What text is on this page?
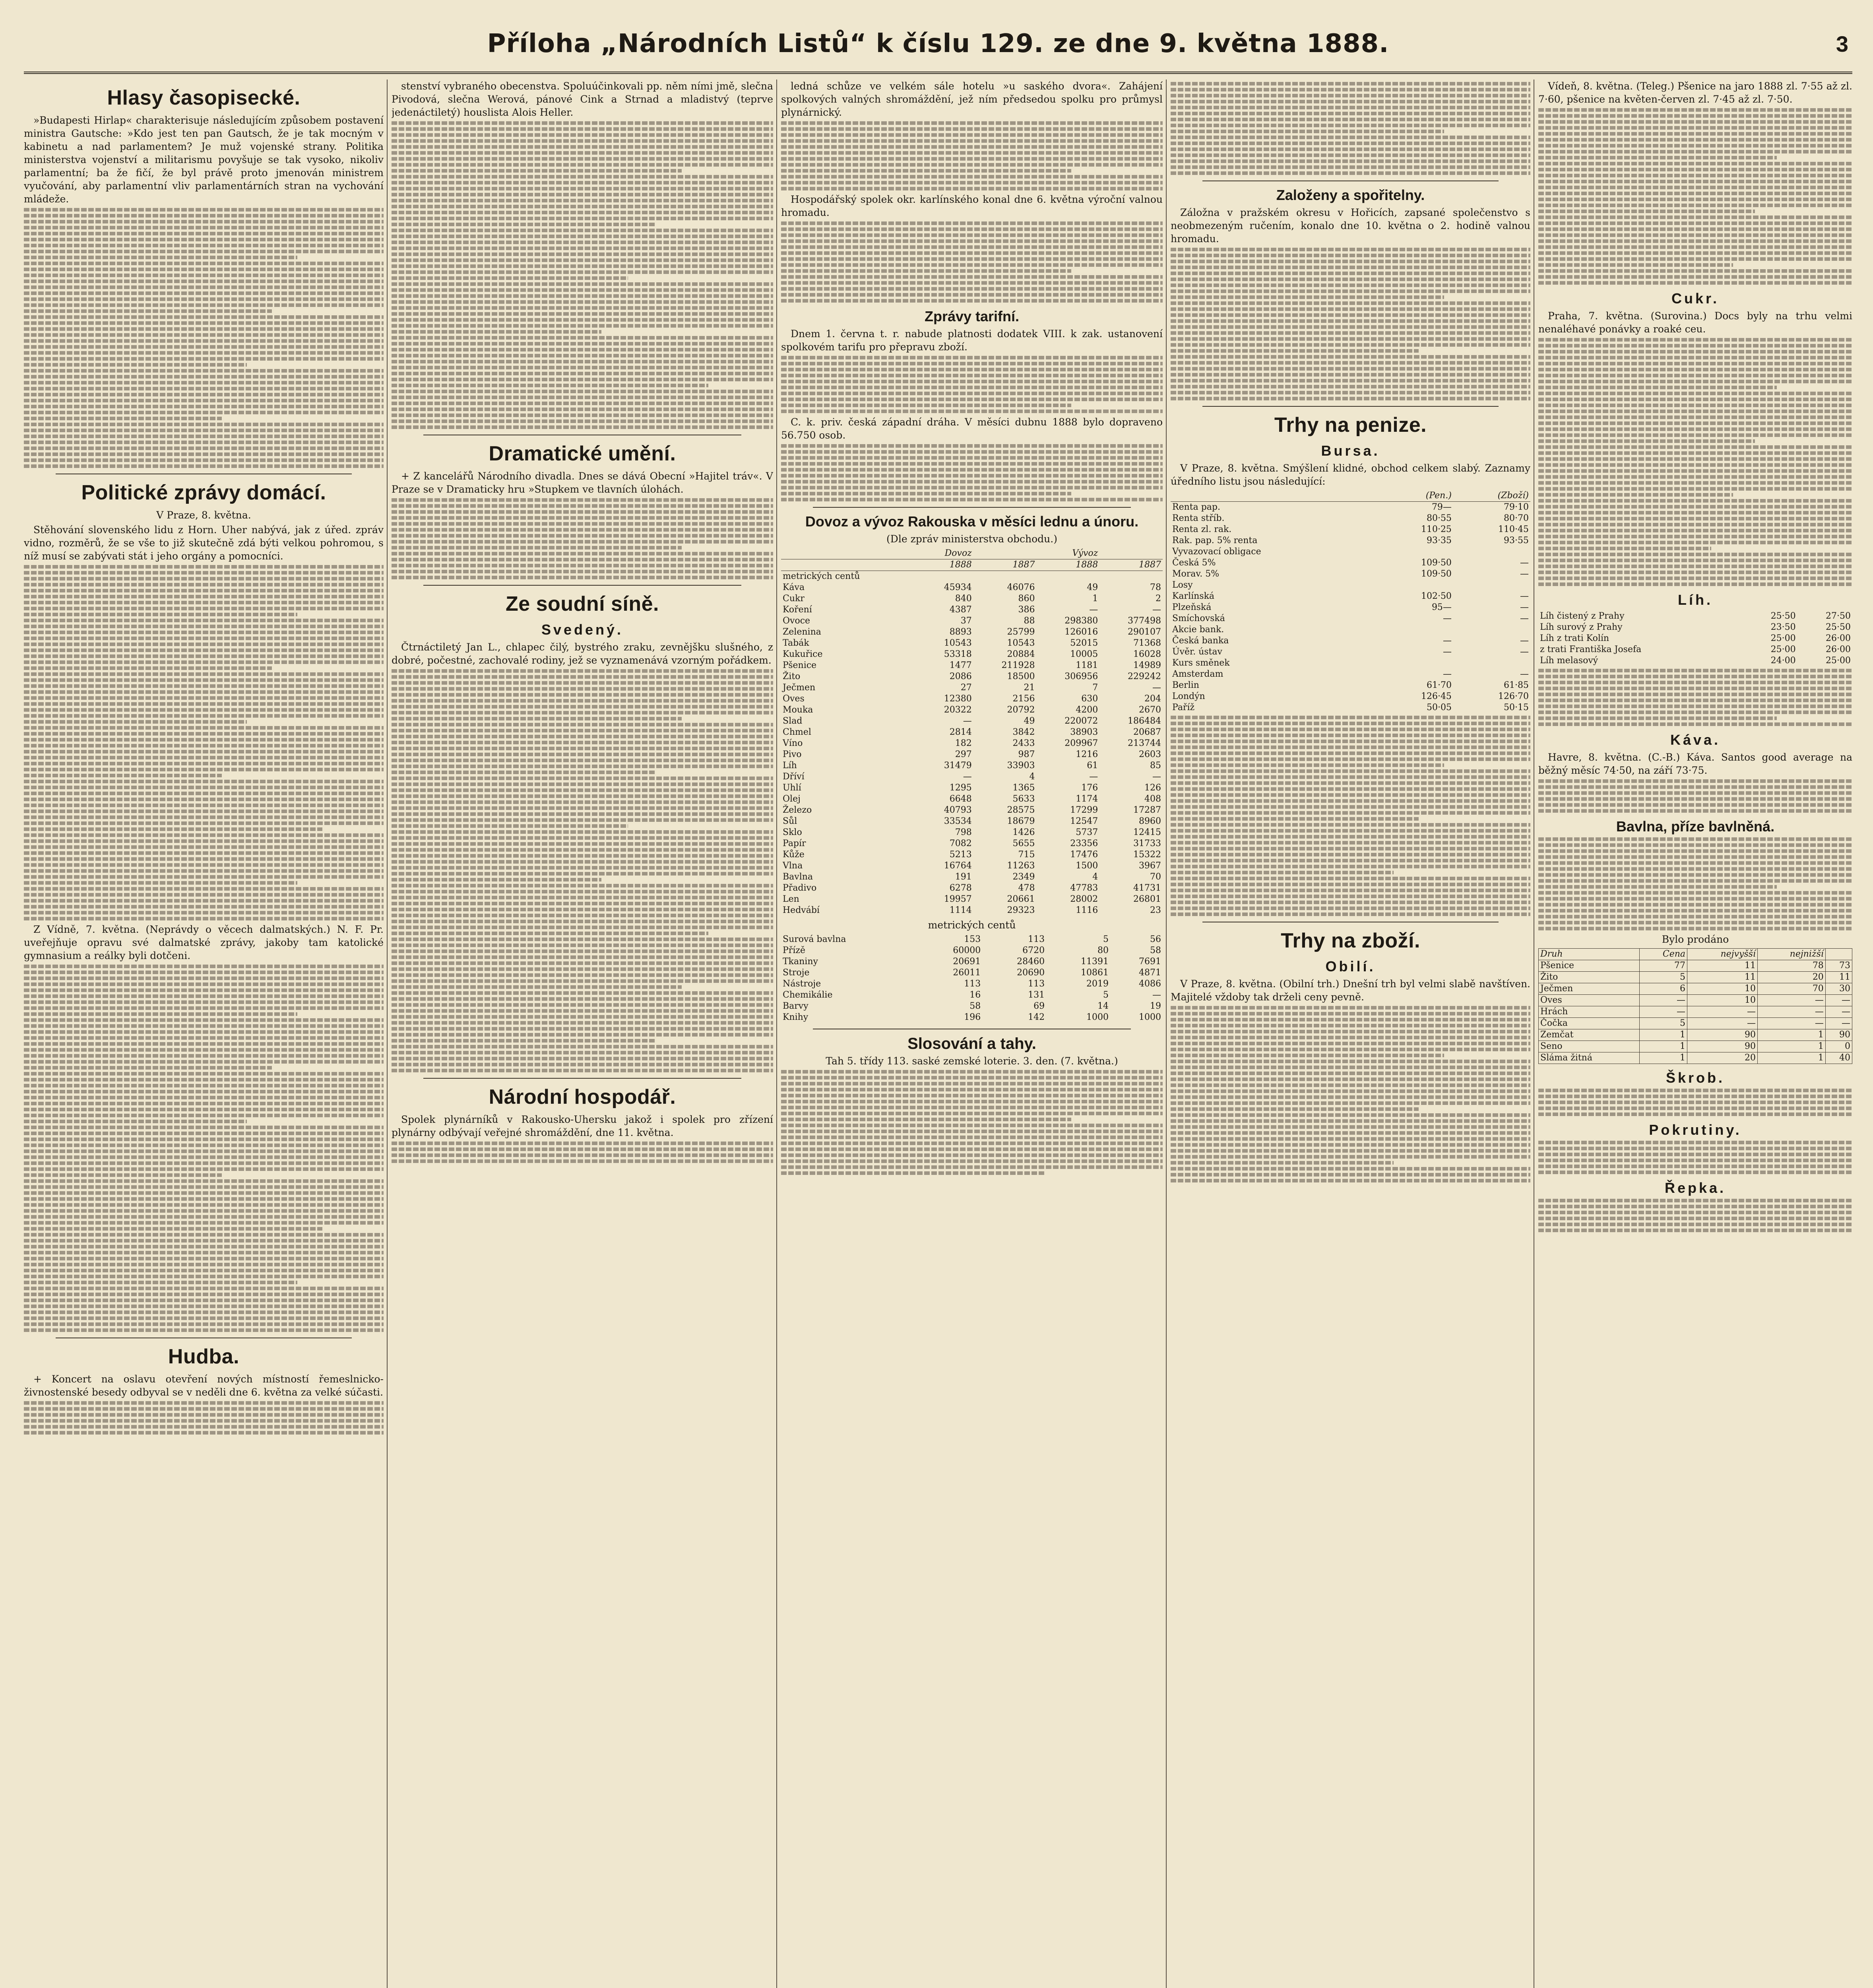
Příloha „Národních Listů“ k číslu 129. ze dne 9. května 1888.	3
Hlasy časopisecké.

»Budapesti Hirlap« charakterisuje následujícím způsobem postavení ministra Gautsche: »Kdo jest ten pan Gautsch, že je tak mocným v kabinetu a nad parlamentem? Je muž vojenské strany. Politika ministerstva vojenství a militarismu povyšuje se tak vysoko, nikoliv parlamentní; ba že fičí, že byl právě proto jmenován ministrem vyučování, aby parlamentní vliv parlamentárních stran na vychování mládeže.

Politické zprávy domácí.

V Praze, 8. května.

Stěhování slovenského lidu z Horn. Uher nabývá, jak z úřed. zpráv vidno, rozměrů, že se vše to již skutečně zdá býti velkou pohromou, s níž musí se zabývati stát i jeho orgány a pomocníci.

Z Vídně, 7. května. (Neprávdy o věcech dalmatských.) N. F. Pr. uveřejňuje opravu své dalmatské zprávy, jakoby tam katolické gymnasium a reálky byli dotčeni.

Hudba.

+ Koncert na oslavu otevření nových místností řemeslnicko-živnostenské besedy odbyval se v neděli dne 6. května za velké súčasti.

stenství vybraného obecenstva. Spoluúčinkovali pp. něm ními jmě, slečna Pivodová, slečna Werová, pánové Cink a Strnad a mladistvý (teprve jedenáctiletý) houslista Alois Heller.

Dramatické umění.

+ Z kancelářů Národního divadla. Dnes se dává Obecní »Hajitel tráv«. V Praze se v Dramaticky hru »Stupkem ve tlavních úlohách.

Ze soudní síně.
Svedený.

Čtrnáctiletý Jan L., chlapec čilý, bystrého zraku, zevnějšku slušného, z dobré, počestné, zachovalé rodiny, jež se vyznamenává vzorným pořádkem.

Národní hospodář.

Spolek plynárníků v Rakousko-Uhersku jakož i spolek pro zřízení plynárny odbývají veřejné shromáždění, dne 11. května.

ledná schůze ve velkém sále hotelu »u saského dvora«. Zahájení spolkových valných shromáždění, jež ním předsedou spolku pro průmysl plynárnický.

Hospodářský spolek okr. karlínského konal dne 6. května výroční valnou hromadu.

Zprávy tarifní.

Dnem 1. června t. r. nabude platnosti dodatek VIII. k zak. ustanovení spolkovém tarifu pro přepravu zboží.

C. k. priv. česká západní dráha. V měsíci dubnu 1888 bylo dopraveno 56.750 osob.

Dovoz a vývoz Rakouska v měsíci lednu a únoru.

(Dle zpráv ministerstva obchodu.)

	Dovoz		Vývoz	
	1888	1887	1888	1887
metrických centů				
Káva	45934	46076	49	78
Cukr	840	860	1	2
Koření	4387	386	—	—
Ovoce	37	88	298380	377498
Zelenina	8893	25799	126016	290107
Tabák	10543	10543	52015	71368
Kukuřice	53318	20884	10005	16028
Pšenice	1477	211928	1181	14989
Žito	2086	18500	306956	229242
Ječmen	27	21	7	—
Oves	12380	2156	630	204
Mouka	20322	20792	4200	2670
Slad	—	49	220072	186484
Chmel	2814	3842	38903	20687
Víno	182	2433	209967	213744
Pivo	297	987	1216	2603
Líh	31479	33903	61	85
Dříví	—	4	—	—
Uhlí	1295	1365	176	126
Olej	6648	5633	1174	408
Železo	40793	28575	17299	17287
Sůl	33534	18679	12547	8960
Sklo	798	1426	5737	12415
Papír	7082	5655	23356	31733
Kůže	5213	715	17476	15322
Vlna	16764	11263	1500	3967
Bavlna	191	2349	4	70
Přadivo	6278	478	47783	41731
Len	19957	20661	28002	26801
Hedvábí	1114	29323	1116	23

metrických centů

Surová bavlna	153	113	5	56
Přízě	60000	6720	80	58
Tkaniny	20691	28460	11391	7691
Stroje	26011	20690	10861	4871
Nástroje	113	113	2019	4086
Chemikálie	16	131	5	—
Barvy	58	69	14	19
Knihy	196	142	1000	1000
Slosování a tahy.

Tah 5. třídy 113. saské zemské loterie. 3. den. (7. května.)

Založeny a spořitelny.

Záložna v pražském okresu v Hořicích, zapsané společenstvo s neobmezeným ručením, konalo dne 10. května o 2. hodině valnou hromadu.

Trhy na penize.
Bursa.

V Praze, 8. května. Smýšlení klidné, obchod celkem slabý. Zaznamy úředního listu jsou následující:

	(Pen.)	(Zboží)
Renta pap.	79—	79·10
Renta stříb.	80·55	80·70
Renta zl. rak.	110·25	110·45
Rak. pap. 5% renta	93·35	93·55
Vyvazovací obligace		
Česká 5%	109·50	—
Morav. 5%	109·50	—
Losy		
Karlínská	102·50	—
Plzeňská	95—	—
Smíchovská	—	—
Akcie bank.		
Česká banka	—	—
Úvěr. ústav	—	—
Kurs směnek		
Amsterdam	—	—
Berlin	61·70	61·85
Londýn	126·45	126·70
Paříž	50·05	50·15
Trhy na zboží.
Obilí.

V Praze, 8. května. (Obilní trh.) Dnešní trh byl velmi slabě navštíven. Majitelé vždoby tak drželi ceny pevně.

Vídeň, 8. května. (Teleg.) Pšenice na jaro 1888 zl. 7·55 až zl. 7·60, pšenice na květen-červen zl. 7·45 až zl. 7·50.

Cukr.

Praha, 7. května. (Surovina.) Docs byly na trhu velmi nenaléhavé ponávky a roaké ceu.

Líh.
Líh čistený z Prahy	25·50	27·50
Líh surový z Prahy	23·50	25·50
Líh z trati Kolín	25·00	26·00
z trati Františka Josefa	25·00	26·00
Líh melasový	24·00	25·00
Káva.

Havre, 8. května. (C.-B.) Káva. Santos good average na běžný měsíc 74·50, na září 73·75.

Bavlna, příze bavlněná.

Bylo prodáno

Druh	Cena	nejvyšší	nejnižší	
Pšenice	77	11	78	73
Žito	5	11	20	11
Ječmen	6	10	70	30
Oves	—	10	—	—
Hrách	—	—	—	—
Čočka	5	—	—	—
Zemčat	1	90	1	90
Seno	1	90	1	0
Sláma žitná	1	20	1	40
Škrob.
Pokrutiny.
Řepka.
